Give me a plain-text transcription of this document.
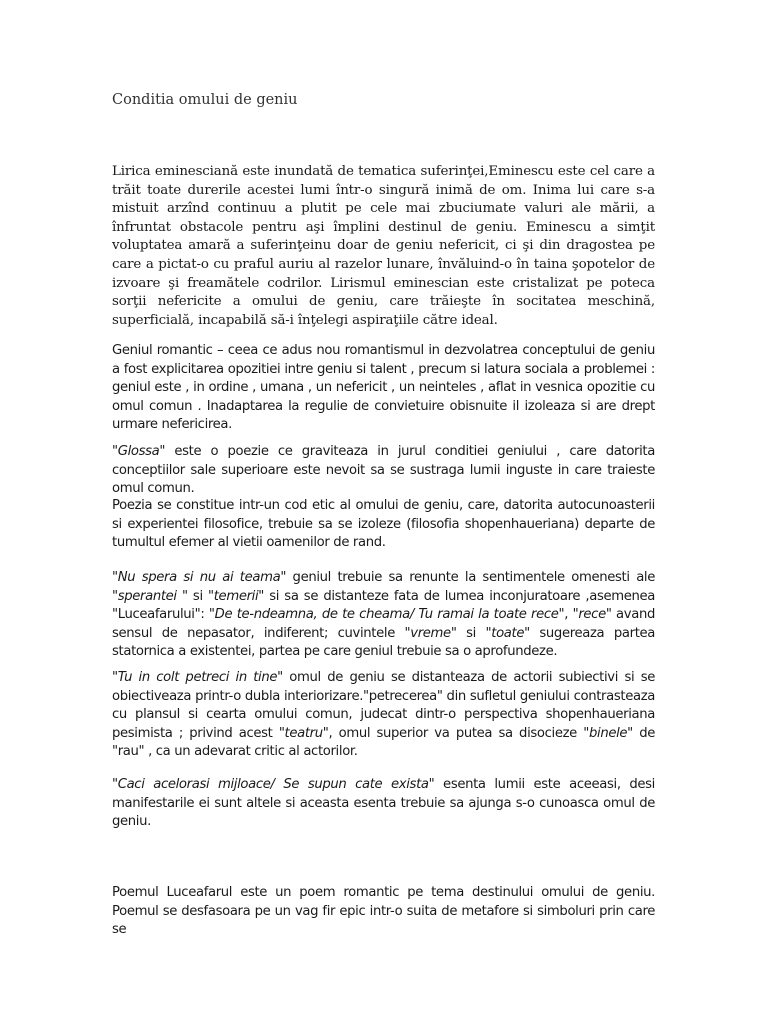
Conditia omului de geniu
Lirica eminesciană este inundată de tematica suferinţei,Eminescu este cel care a trăit toate durerile acestei lumi într-o singură inimă de om. Inima lui care s-a mistuit arzînd continuu a plutit pe cele mai zbuciumate valuri ale mării, a înfruntat obstacole pentru aşi împlini destinul de geniu. Eminescu a simţit voluptatea amară a suferinţeinu doar de geniu nefericit, ci şi din dragostea pe care a pictat-o cu praful auriu al razelor lunare, învăluind-o în taina şopotelor de izvoare şi freamătele codrilor. Lirismul eminescian este cristalizat pe poteca sorţii nefericite a omului de geniu, care trăieşte în socitatea meschină, superficială, incapabilă să-i înţelegi aspiraţiile către ideal.

Geniul romantic – ceea ce adus nou romantismul in dezvolatrea conceptului de geniu a fost explicitarea opozitiei intre geniu si talent , precum si latura sociala a problemei : geniul este , in ordine , umana , un nefericit , un neinteles , aflat in vesnica opozitie cu omul comun . Inadaptarea la regulie de convietuire obisnuite il izoleaza si are drept urmare nefericirea.

"Glossa" este o poezie ce graviteaza in jurul conditiei geniului , care datorita conceptiilor sale superioare este nevoit sa se sustraga lumii inguste in care traieste omul comun.

Poezia se constitue intr-un cod etic al omului de geniu, care, datorita autocunoasterii si experientei filosofice, trebuie sa se izoleze (filosofia shopenhaueriana) departe de tumultul efemer al vietii oamenilor de rand.

"Nu spera si nu ai teama" geniul trebuie sa renunte la sentimentele omenesti ale "sperantei " si "temerii" si sa se distanteze fata de lumea inconjuratoare ,asemenea "Luceafarului": "De te-ndeamna, de te cheama/ Tu ramai la toate rece", "rece" avand sensul de nepasator, indiferent; cuvintele "vreme" si "toate" sugereaza partea statornica a existentei, partea pe care geniul trebuie sa o aprofundeze.

"Tu in colt petreci in tine" omul de geniu se distanteaza de actorii subiectivi si se obiectiveaza printr-o dubla interiorizare."petrecerea" din sufletul geniului contrasteaza cu plansul si cearta omului comun, judecat dintr-o perspectiva shopenhaueriana pesimista ; privind acest "teatru", omul superior va putea sa disocieze "binele" de "rau" , ca un adevarat critic al actorilor.

"Caci acelorasi mijloace/ Se supun cate exista" esenta lumii este aceeasi, desi manifestarile ei sunt altele si aceasta esenta trebuie sa ajunga s-o cunoasca omul de geniu.

Poemul Luceafarul este un poem romantic pe tema destinului omului de geniu. Poemul se desfasoara pe un vag fir epic intr-o suita de metafore si simboluri prin care se
